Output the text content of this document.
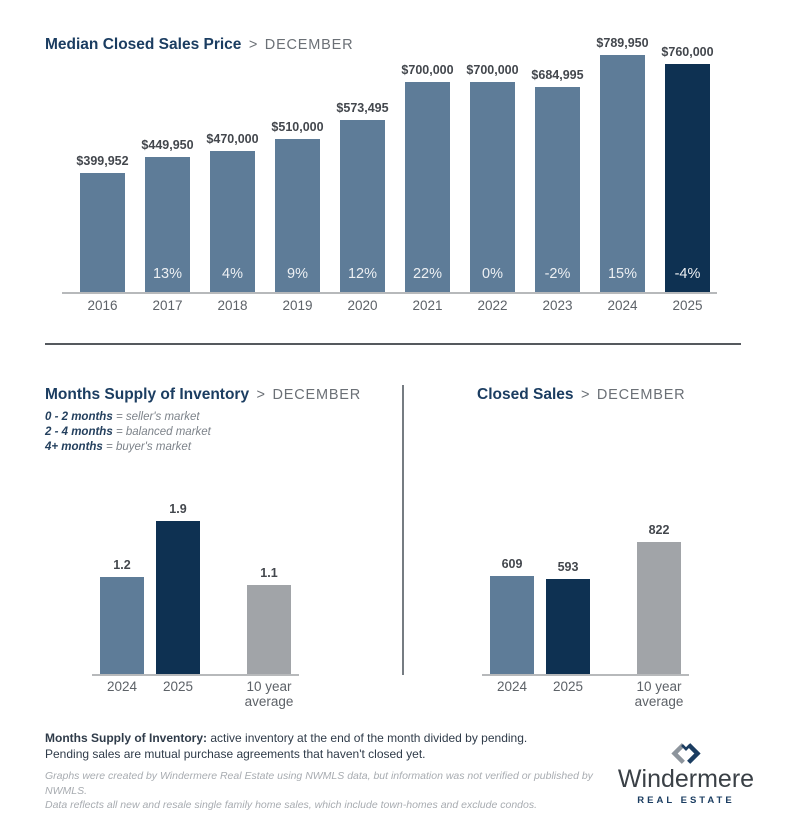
Median Closed Sales Price > DECEMBER
$399,952
2016
$449,950
13%
2017
$470,000
4%
2018
$510,000
9%
2019
$573,495
12%
2020
$700,000
22%
2021
$700,000
0%
2022
$684,995
-2%
2023
$789,950
15%
2024
$760,000
-4%
2025
Months Supply of Inventory > DECEMBER
0 - 2 months = seller's market
2 - 4 months = balanced market
4+ months = buyer's market
1.2
2024
1.9
2025
1.1
10 year average
Closed Sales > DECEMBER
609
2024
593
2025
822
10 year average

Months Supply of Inventory: active inventory at the end of the month divided by pending.
Pending sales are mutual purchase agreements that haven't closed yet.

Graphs were created by Windermere Real Estate using NWMLS data, but information was not verified or published by NWMLS.
Data reflects all new and resale single family home sales, which include town-homes and exclude condos.

Windermere
REAL ESTATE
